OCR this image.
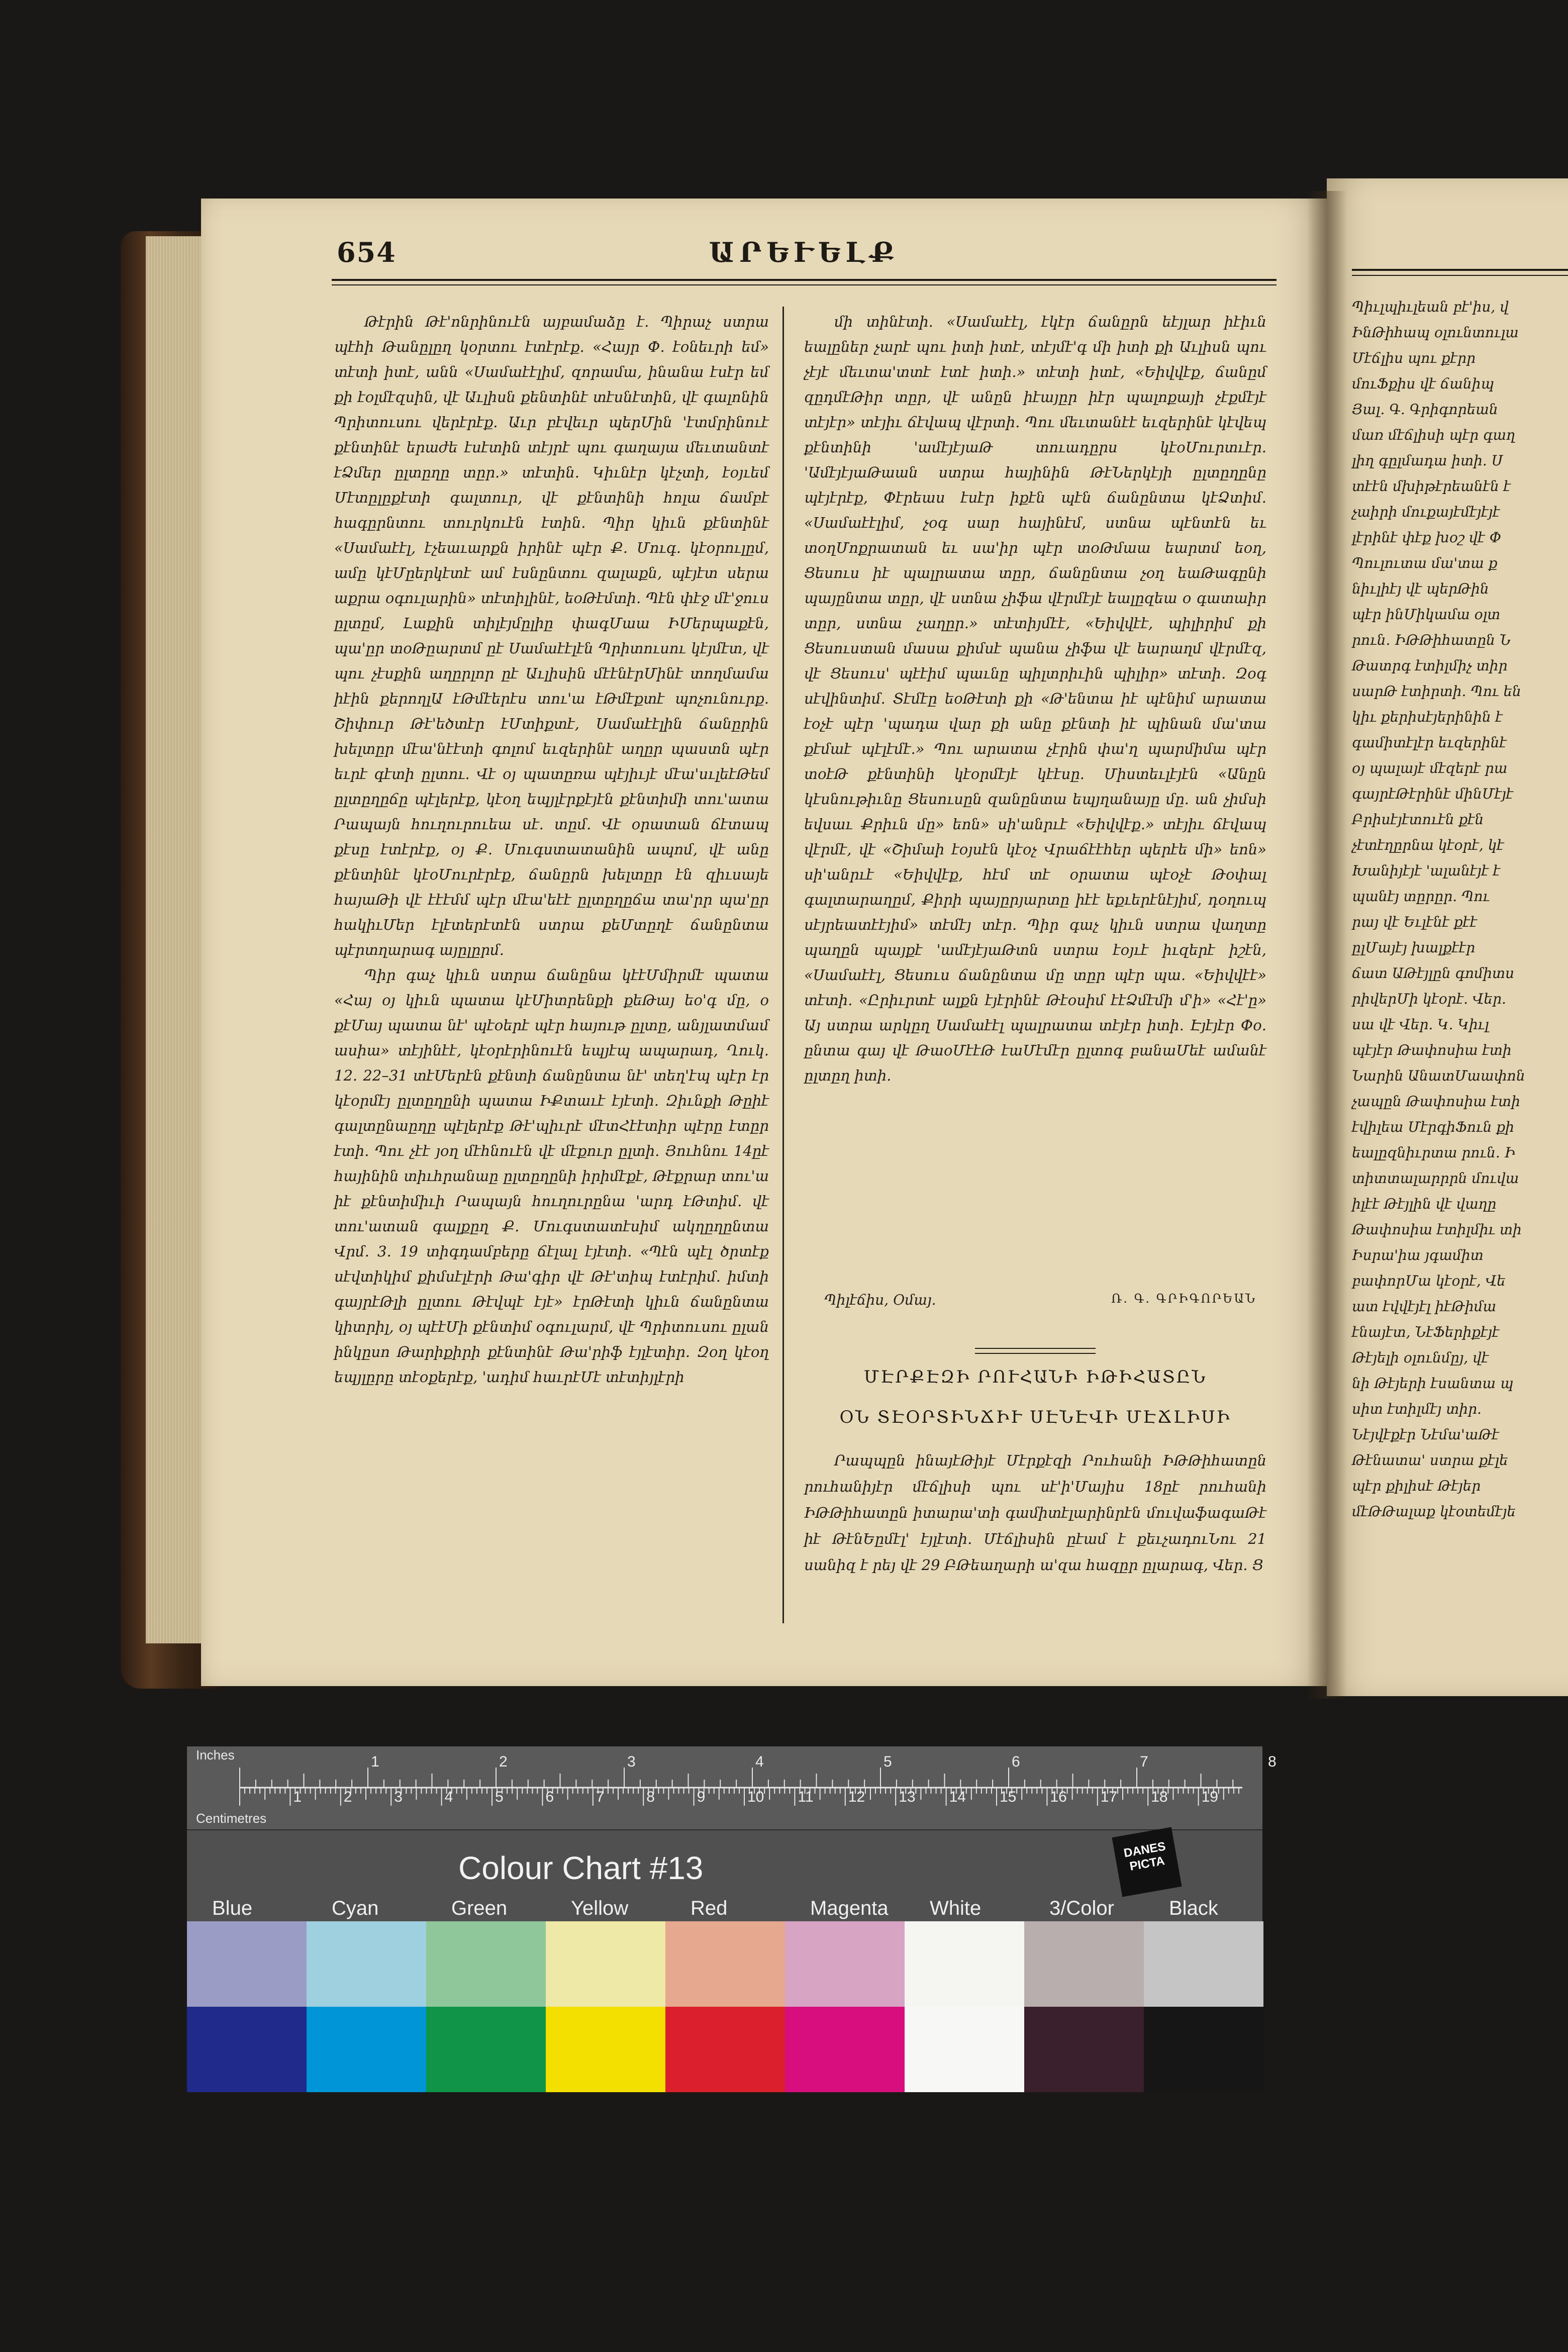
654	ԱՐԵՒԵԼՔ

Թէրին Թէ'ոնրինուէն այբամաձը է. Պիրաչ ստրա պէհի Թանըլըղ կօրտու էտէրէք. «Հայր Փ. էօնեւրի եմ» տէտի իտէ, անն «Սամաէէլիմ, զորամա, ինանա էսէր եմ քի էօլմէզսին, վէ Աւլիսն քենտինէ տէսնէտին, վէ գալոնին Պրիտուսու վերէրէք. Աւր բէվեւր պերՄին 'էտմրինուէ քէնտինէ երաժե էսէտին տէյրէ պու գաղայա մեւտանտէ էՁմեր ըլտըղը տըր.» տէտին. Կիւնէր կէչտի, էօյւեմ Մէտըլըքէտի գալտուր, վէ քէնտինի հոլա ճամբէ հագըրնտու տուրկուէն էտին. Պիր կիւն քէնտինէ «Սամաէէլ, էչեաւարքն իրինէ պէր Ք. Մուգ. կէօրուլըմ, ամը կէՄըերկէտէ ամ էսնընտու զալաքն, պէյէտ սերա աքրա օգուլարին» տէտիլինէ, եօԹէմտի. Պէն փէջ մէ'ջուս ըլտըմ, Լաքին տիլէյմըլիը փագՄաա ԻՄերպաքէն, պա'ըր տօԹըարտմ ըէ Սամաէէլէն Պրիտուսու կէյմէտ, վէ պու չէսքին աղըրլոր ըէ Աւլիսին մէէնէրՄինէ տողմամա իէին քերողլԱ էԹմէերէս տու'ա էԹմէքտէ պոչունուրք. Շիփուր Թէ'եծտէր էՄտիքտէ, Սամաէէլին ճանըրին խելտըր մէա'նէէտի գոլոմ եւզերինէ աղըր պաստն պէր եւրէ գէտի ըլտու. Վէ օյ պատըռա պէյիւյէ մէա'սւլեէԹեմ ըլտըղըճը պէլերէք, կէօղ եպյլէրքէյէն քէնտիմի տու'ատա Րապայն հուղուրուեա սէ. տըմ. Վէ օրատան ճէտապ քէսը էտէրէք, օյ Ք. Մուգստատանին ապոմ, վէ անը քէնտինէ կէօՄուրէրէք, ճանըրն խելտըր էն զիւսայե հայաԹի վէ էէէմմ պէր մէա'եէէ ըլտըղըճա տա'րր պա'ըր հակիւՄեր էլէտերէտէն ստրա քեՄտըղէ ճանընտա պէրտղարագ այըլըրմ.

Պիր գաչ կիւն ստրա ճանընա կէէՄմիրմէ պատա «Հայ օյ կիւն պատա կէՄիտրենքի քեԹայ եօ'գ մը, օ քէՄայ պատա նէ' պէօերէ պէր հայութ ըլտը, անյլատմամ ասիա» տէյինէէ, կէօրէրինուէն եպյէպ ապարադ, Ղուկ. 12. 22–31 տէՄերէն քէնտի ճանընտա նէ' տեղ'էպ պէր էր կէօրմէյ ըլտըղընի պատա ԻՔտաւէ էյէտի. Զիւնքի Թըիէ գալտընաըղը պէլերէք Թէ'պիւրէ մէտՀէէտիր պէրը էտըր էտի. Պու չէէ յօղ մէհնուէն վէ մէքուր ըլտի. Յուհնու 14ըէ հայինին տիւհրանաը ըլտըղընի իրիմէքէ, Թէքրար տու'ա իէ քէնտիմիւի Րապայն հուղուրընա 'արդ էԹտիմ. վէ տու'ատան գալքըղ Ք. Մուգստատէսիմ ակղըղընտա Վրմ. 3. 19 տիգդամբերը ճէլալ էյէտի. «Պէն պէլ ծրտէք սէվտիկիմ քիմսէլէրի Թա'գիր վէ Թէ'տիպ էտէրիմ. իմտի գայրէԹլի ըլտու Թէվպէ էյէ» էրԹէտի կիւն ճանընտա կիտրիլ, օյ պէէՄի քէնտիմ օգուլարմ, վէ Պրիտուսու ըլան ինկըսո Թարիքիրի քէնտինէ Թա'րիֆ էյլէտիր. Զօղ կէօղ եպյլըրը տէօքերէք, 'ադիմ հաւրէՄէ տէտիյլէրի

մի տինէտի. «Սամաէէլ, էկէր ճանըրն եէյլար իէիւն եալըներ չարէ պու իտի իտէ, տէյմէ'գ մի իտի քի Աւլիսն պու չէյէ մեւտա'տտէ էտէ իտի.» տէտի իտէ, «Եիվվէք, ճանըմ զըդմէԹիր տըր, վէ անըն իէայըր իէր պալոքայի չէքմէյէ տէյէր» տէյիւ ճէվապ վէրտի. Պու մեւտանէէ եւզերինէ կէվեպ քէնտինի 'ամէյէյաԹ տուադըրս կէօՄուրտւէր. 'ԱմէյէյաԹաան ստրա հայինին ԹէՆերկէյի ըլտըղընը պէյէրէք, Փէրեաս էսէր իքէն պէն ճանընտա կէՁտիմ. «Սամաէէլիմ, չօգ սար հայինէմ, ստնա պէնտէն եւ տօղՄոքրատան եւ սա'իր պէր տօԹմաա եարտմ եօղ, Ցեսուս իէ պալրատա տըր, ճանընտա չօղ եաԹագընի պայընտա տըր, վէ ստնա չիֆա վէրմէյէ եալըզեա օ գատաիր տըր, ստնա չաղըր.» տէտիյմէէ, «Եիվվէէ, պիլիրիմ քի Ցեսուստան մասա քիմսէ պանա չիֆա վէ եարաղմ վէրմէզ, վէ Ցեսուս' պէէիմ պաւնը պիլտրիւին պիլիր» տէտի. Զօգ սէվինտիմ. Տէմէը եօԹէտի քի «Թ'ենտա իէ պէնիմ արատա էօչէ պէր 'պադա վար քի անը քէնտի իէ պինան մա'տա քէմաէ պէլէմէ.» Պու արատա չէրին փա'ղ պարմիմա պէր տօէԹ քէնտինի կէօրմէյէ կէէսը. Միստեւլէյէն «Անըն կէսնութիւնը Ցեսուսըն զանընտա եպյղանայը մը. ան չիմսի եվսաւ Քրիւն մը» եոն» սի'անրւէ «Եիվվէք.» տէյիւ ճէվապ վէրմէ, վէ «Շիմաի էօյսէն կէօչ Վրաճէէհեր պերէե մի» եոն» սի'անրւէ «Եիվվէք, հէմ տէ օրատա պէօչէ Թօփալ գալտարաղըմ, Քիրի պայըրյարտը իէէ եքւերէնէյիմ, դօղուպ սէյրեատէէյիմ» տէմէյ տէր. Պիր գաչ կիւն ստրա վաղտը պաղըն պայքէ 'ամէյէյաԹտն ստրա էօյւէ իւզերէ իշէն, «Սամաէէլ, Ցեսուս ճանընտա մը տըր պէր պա. «Եիվվէէ» տէտի. «Ըրիւրտէ ալքն էյէրինէ Թէօսիմ էէՁմէմի մ'ի» «Հէ'ը» Այ ստրա արկըղ Սամաէէլ պալրատա տէյէր իտի. Էյէյէր Փօ. ընտա գայ վէ ԹաօՄէէԹ էաՄէմէր ըլտոգ բանաՄեէ ամանէ ըլտըղ իտի.

Պիլէճիս, Օմայ.	Ռ. Գ. ԳՐԻԳՈՐԵԱՆ
ՄԷՐՔԷԶԻ ՐՈՒՀԱՆԻ ԻԹԻՀԱՏԸՆ
ՕՆ ՏԷՕՐՏԻՆՃԻՒ ՍԷՆԷՎԻ ՄԷՃԼԻՍԻ
Րապպըն ինայէԹիյէ Մէրքէզի Րուհանի ԻԹԹիհատըն րուհանիյէր մէճլիսի պու սէ'ի'Մայիս 18ըէ րուհանի ԻԹԹիհատըն իտարա'տի գամիտէլարինրէն մուվաֆագաԹէ իէ ԹէնԵըմէլ' էյլէտի. Մէճլիսին ըէամ է քեւչադուՆու 21 սանիզ է րեյ վէ 29 ԲԹեաղարի ա'զա հազըր ըլարագ, Վեր. Ց
Պիւլպիւլեան բէ'իս, վ
ԻնԹիհապ օլունտուլա
Մէճլիս պու քէրր
մուՖքիս վէ ճանիպ
Յալ. Գ. Գրիգորեան
մառ մէճլիսի պէր գաղ
լիղ գըլմադա իտի. Ս
տէէն մխիթէրեանէն է
չաիրի մուքայէմէյէյէ
լէրինէ փէք խօշ վէ Փ
Պուլուտա մա'տա ք
նիւլիէյ վէ պերԹին
պէր ինՄիկամա օլտ
րուն. ԻԹԹիհատըն Ն
Թատրգ էտիլմիչ տիր
սարԹ էտիրտի. Պու են
կիւ քերիսէյերինին է
գամիտէլէր եւզերինէ
օյ պալայէ մէզերէ րա
գայրէԹէրինէ մինՄէյէ
Բրիսէյէտուէն քէն
չէտէղըրնա կէօրէ, կէ
Խանիյէյէ 'ալանէյէ է
պանէյ տըրըր. Պու
րայ վէ Եւլէնէ քէէ
ըլՄայէյ խալքէէր
ճատ ԱԹէյլըն գոմիտս
րիվերՄի կէօրէ. Վեր.
սա վէ Վեր. Կ. Կիւլ
պէյէր Թափոսիա էտի
Նարին ԱնատՄաափոն
չապըն Թափոսիա էտի
էվիլեա ՄէրգիՖուն քի
եալըզնիւրտա րուն. Ի
տիտտալարրրն մուվա
իլէէ Թէյլին վէ վաղը
Թափոսիա էտիլմիւ տի
Իսրա'իա յգամիտ
բափորՄա կէօրէ, Վե
ատ էվվէյէլ իէԹիմա
էնայէտ, ՆէՖերիքէյէ
Թէյելի օլունմըյ, վէ
նի Թէյերի էսանտա պ
սիտ էտիլմէյ տիր.
Նէյվէքէր Նէմա'աԹէ
Թէնատա' ստրա քէլե
պէր քիլիսէ Թէյեր
մէԹԹալաք կէօտեմէյե
Inches
Centimetres
1	2	3	4	5	6	7	8
1	2	3	4	5	6	7	8	9	10 11 12 13 14 15 16 17 18 19
Colour Chart #13
DANES PICTA
Blue	Cyan	Green	Yellow	Red	Magenta White	3/Color	Black
